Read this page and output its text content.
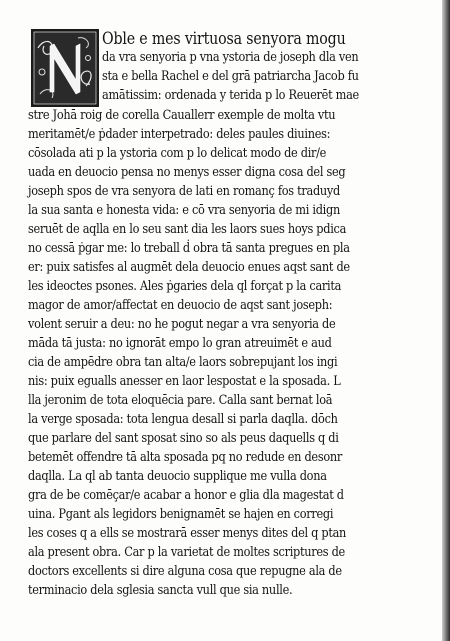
Oble e mes virtuosa senyora mogu
da vra senyoria p vna ystoria de joseph dla ven
sta e bella Rachel e del grā patriarcha Jacob fu
amātissim: ordenada y terida p lo Reuerēt mae
stre Johā roig de corella Cauallerr exemple de molta vtu
meritamēt/e ṗdader interpetrado: deles paules diuines:
cōsolada ati p la ystoria com p lo delicat modo de dir/e
uada en deuocio pensa no menys esser digna cosa del seg
joseph spos de vra senyora de lati en romanç fos traduyd
la sua santa e honesta vida: e cō vra senyoria de mi idign
seruēt de aqlla en lo seu sant dia les laors sues hoys pdica
no cessā ṗgar me: lo treball ḋ obra tā santa pregues en pla
er: puix satisfes al augmēt dela deuocio enues aqst sant de
les ideoctes psones. Ales ṗgaries dela ql forçat p la carita
magor de amor/affectat en deuocio de aqst sant joseph:
volent seruir a deu: no he pogut negar a vra senyoria de
māda tā justa: no ignorāt empo lo gran atreuimēt e aud
cia de ampēdre obra tan alta/e laors sobrepujant los ingi
nis: puix egualls anesser en laor lespostat e la sposada. L
lla jeronim de tota eloquēcia pare. Calla sant bernat loā
la verge sposada: tota lengua desall si parla daqlla. dōch
que parlare del sant sposat sino so als peus daquells q di
betemēt offendre tā alta sposada pq no redude en desonr
daqlla. La ql ab tanta deuocio supplique me vulla dona
gra de be comēçar/e acabar a honor e glia dla magestat d
uina. Pgant als legidors benignamēt se hajen en corregi
les coses q a ells se mostrarā esser menys dites del q ptan
ala present obra. Car p la varietat de moltes scriptures de
doctors excellents si dire alguna cosa que repugne ala de
terminacio dela sglesia sancta vull que sia nulle.
